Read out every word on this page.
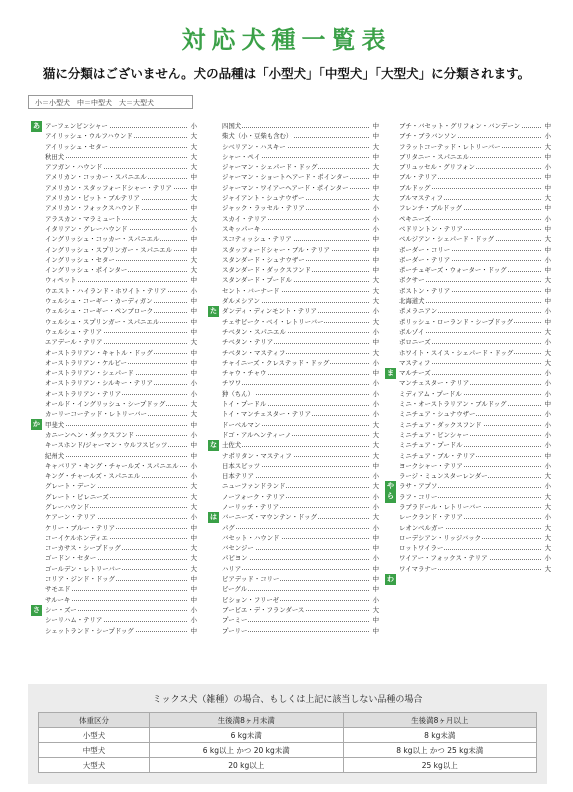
対応犬種一覧表
猫に分類はございません。犬の品種は「小型犬」「中型犬」「大型犬」に分類されます。
小＝小型犬　中＝中型犬　大＝大型犬
アーフェンピンシャー	小
アイリッシュ・ウルフハウンド	大
アイリッシュ・セター	大
秋田犬	大
アフガン・ハウンド	大
アメリカン・コッカー・スパニエル	中
アメリカン・スタッフォードシャー・テリア	中
アメリカン・ピット・ブルテリア	大
アメリカン・フォックスハウンド	中
アラスカン・マラミュート	大
イタリアン・グレーハウンド	小
イングリッシュ・コッカー・スパニエル	中
イングリッシュ・スプリンガー・スパニエル	中
イングリッシュ・セター	大
イングリッシュ・ポインター	大
ウィペット	中
ウエスト・ハイランド・ホワイト・テリア	小
ウェルシュ・コーギー・カーディガン	中
ウェルシュ・コーギー・ペンブローク	中
ウェルシュ・スプリンガー・スパニエル	中
ウェルシュ・テリア	中
エアデール・テリア	大
オーストラリアン・キャトル・ドッグ	中
オーストラリアン・ケルピー	中
オーストラリアン・シェパード	中
オーストラリアン・シルキー・テリア	小
オーストラリアン・テリア	小
オールド・イングリッシュ・シープドッグ	大
カーリーコーテッド・レトリーバー	大
甲斐犬	中
カニーンヘン・ダックスフンド	小
キースホンド/ジャーマン・ウルフスピッツ	中
紀州犬	中
キャバリア・キング・チャールズ・スパニエル 小
キング・チャールズ・スパニエル	小
グレート・デーン	大
グレート・ピレニーズ	大
グレーハウンド	大
ケアーン・テリア	小
ケリー・ブルー・テリア	中
コーイケルホンディエ	中
コーカサス・シープドッグ	大
ゴードン・セター	大
ゴールデン・レトリーバー	大
コリア・ジンド・ドッグ	中
サモエド	中
サルーキ	中
シー・ズー	小
シーリハム・テリア	小
シェットランド・シープドッグ	中
あ
か
さ
四国犬	中
柴犬（小・豆柴も含む）	中
シベリアン・ハスキー	大
シャー・ペイ	中
ジャーマン・シェパード・ドッグ	大
ジャーマン・ショートヘアード・ポインター	中
ジャーマン・ワイアーヘアード・ポインター	中
ジャイアント・シュナウザー	大
ジャック・ラッセル・テリア	小
スカイ・テリア	小
スキッパーキ	小
スコティッシュ・テリア	中
スタッフォードシャー・ブル・テリア	中
スタンダード・シュナウザー	中
スタンダード・ダックスフンド	中
スタンダード・プードル	大
セント・バーナード	大
ダルメシアン	大
ダンディ・ディンモント・テリア	小
チェサピーク・ベイ・レトリーバー	大
チベタン・スパニエル	小
チベタン・テリア	中
チベタン・マスティフ	大
チャイニーズ・クレステッド・ドッグ	小
チャウ・チャウ	中
チワワ	小
狆（ちん）	小
トイ・プードル	小
トイ・マンチェスター・テリア	小
ドーベルマン	大
ドゴ・アルヘンティーノ	大
土佐犬	大
ナポリタン・マスティフ	大
日本スピッツ	中
日本テリア	小
ニューファンドランド	大
ノーフォーク・テリア	小
ノーリッチ・テリア	小
バーニーズ・マウンテン・ドッグ	大
パグ	小
バセット・ハウンド	中
バセンジー	中
パピヨン	小
ハリア	中
ビアデッド・コリー	中
ビーグル	中
ビション・フリーゼ	小
ブービエ・デ・フランダース	大
プーミー	中
プーリー	中
た
な
は
ブチ・バセット・グリフォン・バンデーン	中
ブチ・ブラバンソン	小
フラットコーテッド・レトリーバー	大
ブリタニー・スパニエル	中
ブリュッセル・グリフォン	小
ブル・テリア	中
ブルドッグ	中
ブルマスティフ	大
フレンチ・ブルドッグ	中
ペキニーズ	小
ベドリントン・テリア	中
ベルジアン・シェパード・ドッグ	大
ボーダー・コリー	中
ボーダー・テリア	小
ポーチュギーズ・ウォーター・ドッグ	中
ボクサー	大
ボストン・テリア	中
北海道犬	中
ポメラニアン	小
ポリッシュ・ローランド・シープドッグ	中
ボルゾイ	大
ボロニーズ	小
ホワイト・スイス・シェパード・ドッグ	大
マスティフ	大
マルチーズ	小
マンチェスター・テリア	小
ミディアム・プードル	小
ミニ・オーストラリアン・ブルドッグ	中
ミニチュア・シュナウザー	小
ミニチュア・ダックスフンド	小
ミニチュア・ピンシャー	小
ミニチュア・プードル	小
ミニチュア・ブル・テリア	中
ヨークシャー・テリア	小
ラージ・ミュンスターレンダー	大
ラサ・アプソ	小
ラフ・コリー	大
ラブラドール・レトリーバー	大
レークランド・テリア	小
レオンベルガー	大
ローデシアン・リッジバック	大
ロットワイラー	大
ワイアー・フォックス・テリア	小
ワイマラナー	大
ま
や
ら
わ
ミックス犬（雑種）の場合、もしくは上記に該当しない品種の場合
体重区分	生後満8ヶ月未満	生後満8ヶ月以上
小型犬	6 kg未満	8 kg未満
中型犬	6 kg以上 かつ 20 kg未満	8 kg以上 かつ 25 kg未満
大型犬	20 kg以上	25 kg以上
